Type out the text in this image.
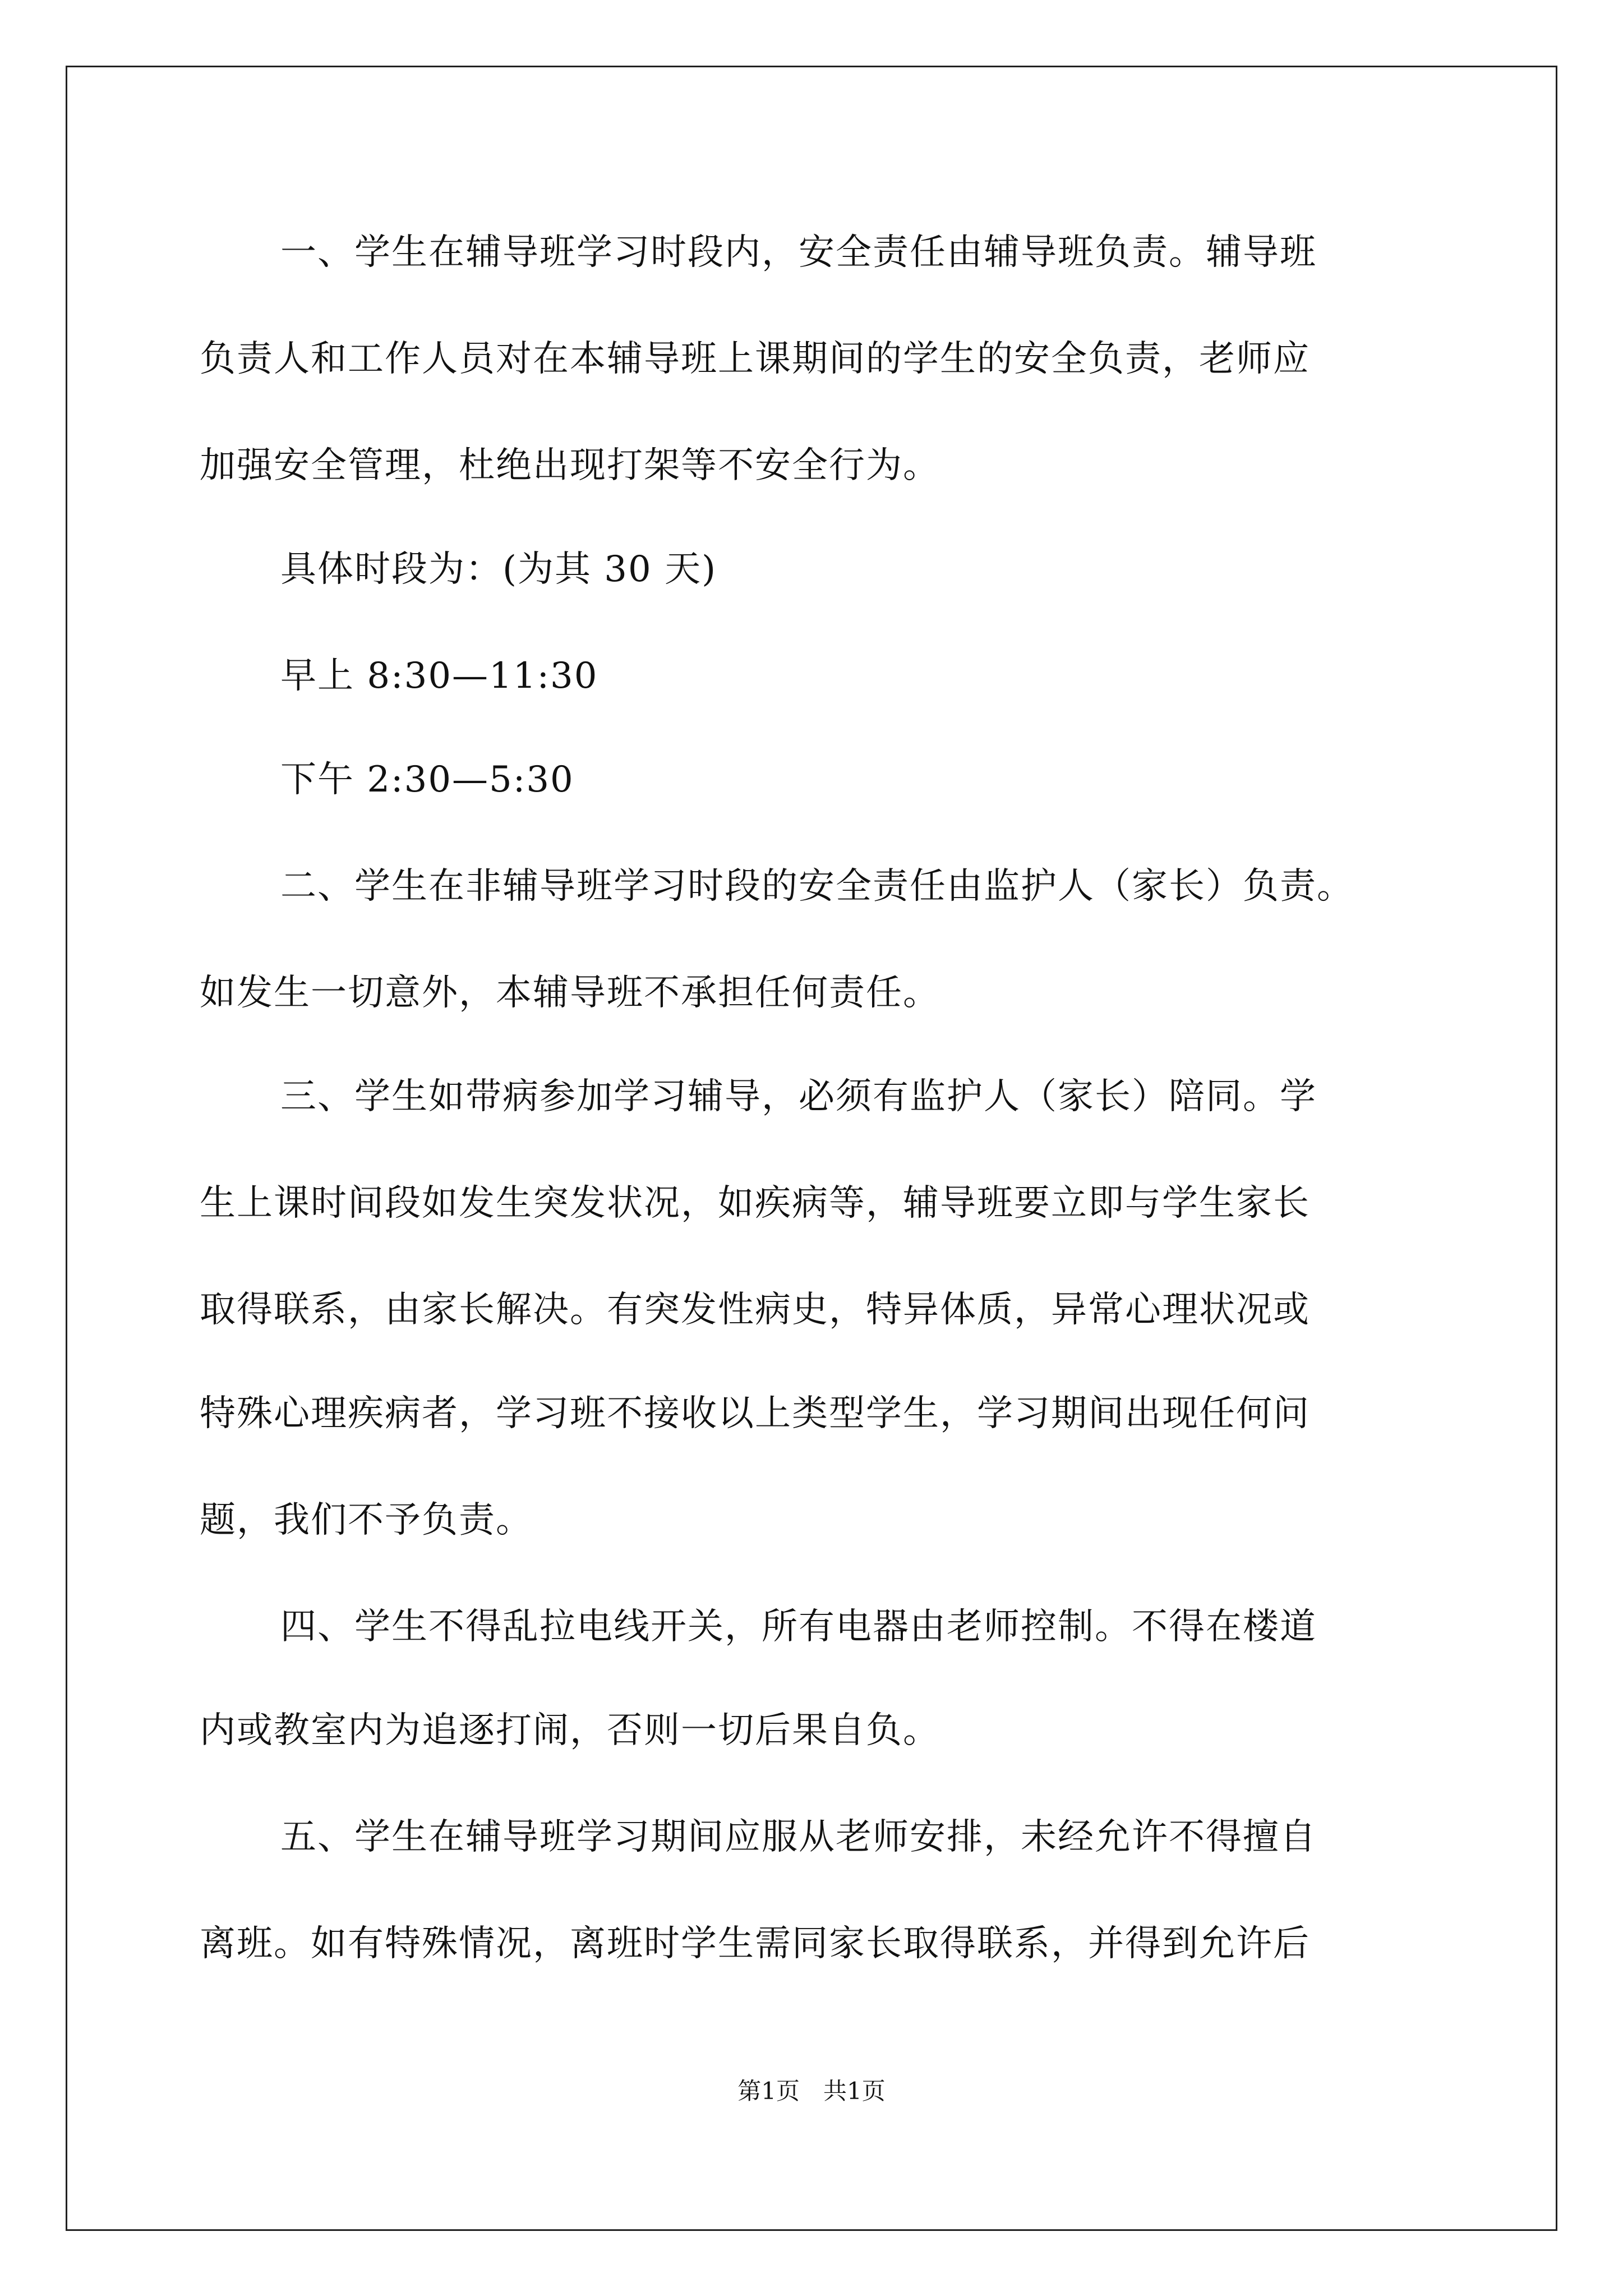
一、学生在辅导班学习时段内，安全责任由辅导班负责。辅导班
负责人和工作人员对在本辅导班上课期间的学生的安全负责，老师应
加强安全管理，杜绝出现打架等不安全行为。
具体时段为：(为其 30 天)
早上 8:30—11:30
下午 2:30—5:30
二、学生在非辅导班学习时段的安全责任由监护人（家长）负责。
如发生一切意外，本辅导班不承担任何责任。
三、学生如带病参加学习辅导，必须有监护人（家长）陪同。学
生上课时间段如发生突发状况，如疾病等，辅导班要立即与学生家长
取得联系，由家长解决。有突发性病史，特异体质，异常心理状况或
特殊心理疾病者，学习班不接收以上类型学生，学习期间出现任何问
题，我们不予负责。
四、学生不得乱拉电线开关，所有电器由老师控制。不得在楼道
内或教室内为追逐打闹，否则一切后果自负。
五、学生在辅导班学习期间应服从老师安排，未经允许不得擅自
离班。如有特殊情况，离班时学生需同家长取得联系，并得到允许后
第1页　共1页
